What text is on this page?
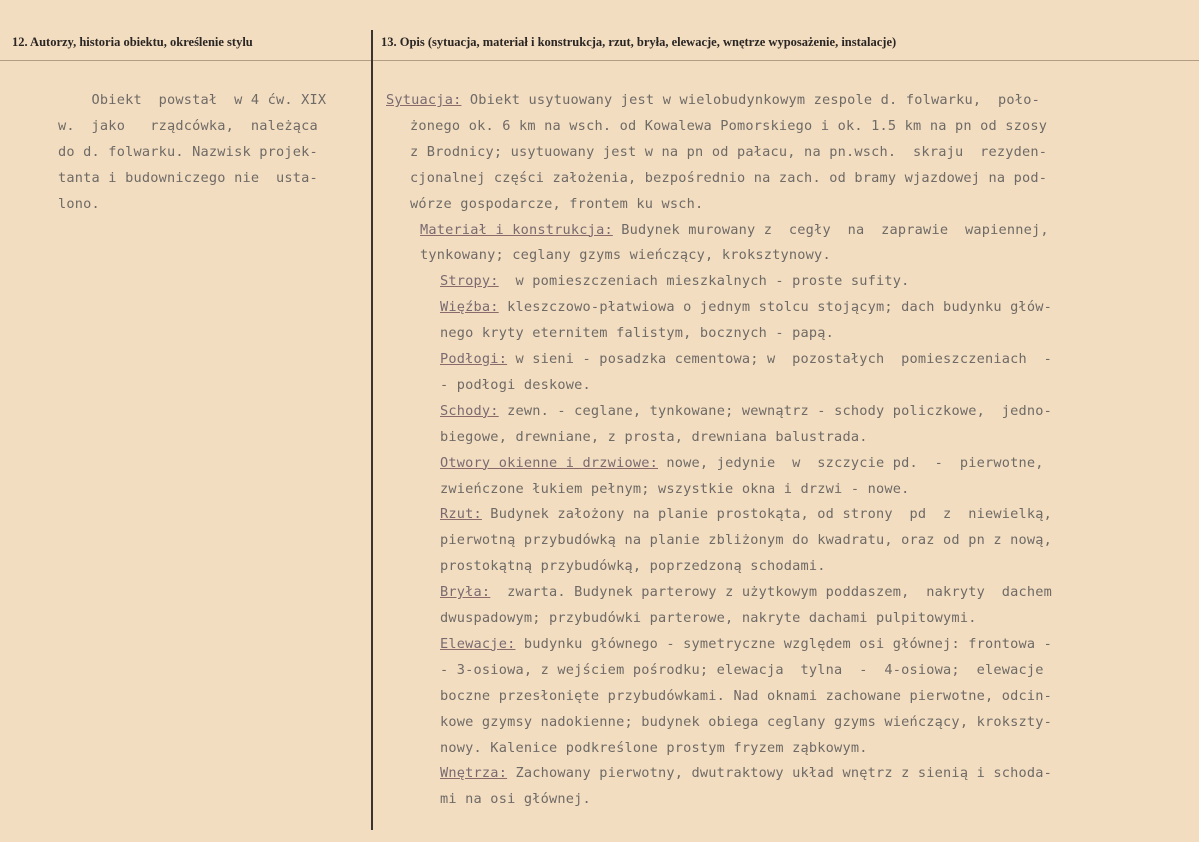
12. Autorzy, historia obiektu, określenie stylu	13. Opis (sytuacja, materiał i konstrukcja, rzut, bryła, elewacje, wnętrze wyposażenie, instalacje)
Obiekt  powstał  w 4 ćw. XIX
w.  jako   rządcówka,  należąca
do d. folwarku. Nazwisk projek-
tanta i budowniczego nie  usta-
lono.
Sytuacja: Obiekt usytuowany jest w wielobudynkowym zespole d. folwarku,  poło-
żonego ok. 6 km na wsch. od Kowalewa Pomorskiego i ok. 1.5 km na pn od szosy
z Brodnicy; usytuowany jest w na pn od pałacu, na pn.wsch.  skraju  rezyden-
cjonalnej części założenia, bezpośrednio na zach. od bramy wjazdowej na pod-
wórze gospodarcze, frontem ku wsch.
Materiał i konstrukcja: Budynek murowany z  cegły  na  zaprawie  wapiennej,
tynkowany; ceglany gzyms wieńczący, kroksztynowy.
Stropy:  w pomieszczeniach mieszkalnych - proste sufity.
Więźba: kleszczowo-płatwiowa o jednym stolcu stojącym; dach budynku głów-
nego kryty eternitem falistym, bocznych - papą.
Podłogi: w sieni - posadzka cementowa; w  pozostałych  pomieszczeniach  -
- podłogi deskowe.
Schody: zewn. - ceglane, tynkowane; wewnątrz - schody policzkowe,  jedno-
biegowe, drewniane, z prosta, drewniana balustrada.
Otwory okienne i drzwiowe: nowe, jedynie  w  szczycie pd.  -  pierwotne,
zwieńczone łukiem pełnym; wszystkie okna i drzwi - nowe.
Rzut: Budynek założony na planie prostokąta, od strony  pd  z  niewielką,
pierwotną przybudówką na planie zbliżonym do kwadratu, oraz od pn z nową,
prostokątną przybudówką, poprzedzoną schodami.
Bryła:  zwarta. Budynek parterowy z użytkowym poddaszem,  nakryty  dachem
dwuspadowym; przybudówki parterowe, nakryte dachami pulpitowymi.
Elewacje: budynku głównego - symetryczne względem osi głównej: frontowa -
- 3-osiowa, z wejściem pośrodku; elewacja  tylna  -  4-osiowa;  elewacje
boczne przesłonięte przybudówkami. Nad oknami zachowane pierwotne, odcin-
kowe gzymsy nadokienne; budynek obiega ceglany gzyms wieńczący, kroksztу-
nowy. Kalenice podkreślone prostym fryzem ząbkowym.
Wnętrza: Zachowany pierwotny, dwutraktowy układ wnętrz z sienią i schoda-
mi na osi głównej.
